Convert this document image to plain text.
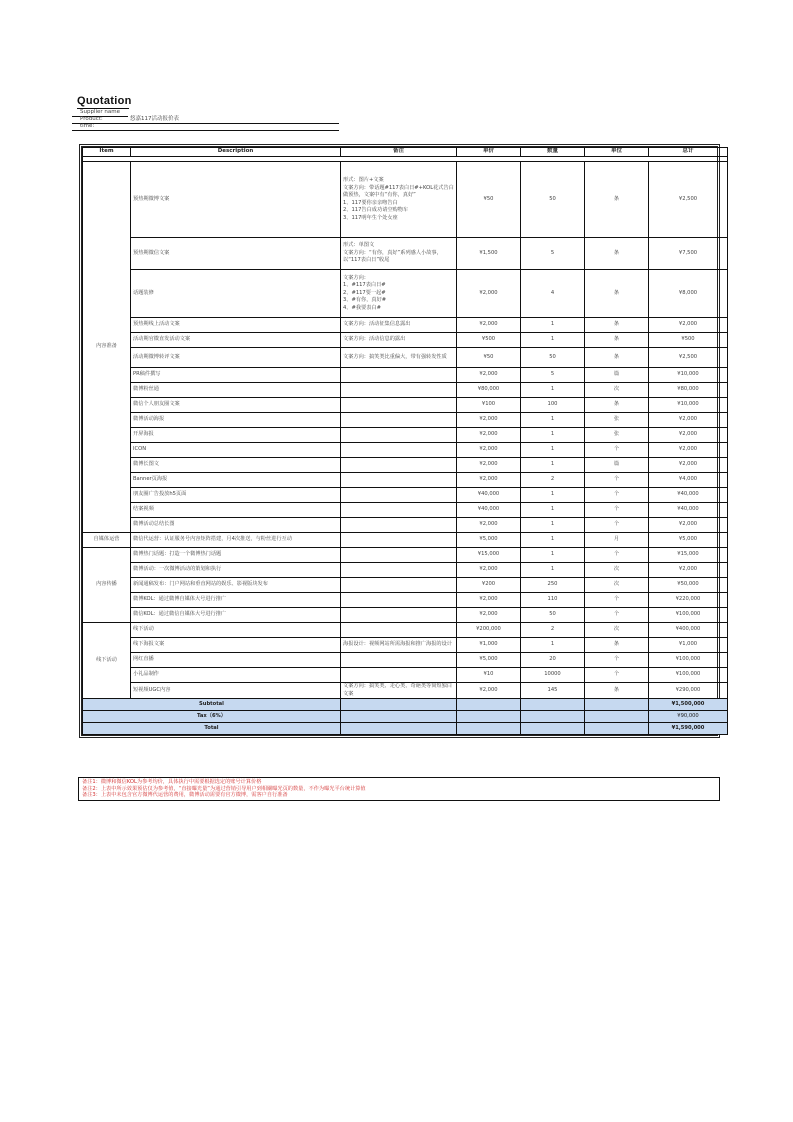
Quotation
Supplier name
Product:	悠嘉117活动报价表
time:
Item	Description	备注	单价	数量	单位	总计

内容准备	预热期微博文案	形式：图片+文案
文案方向：带话题#117表白日#+KOL花式告白做预热，文案中有“有你，真好”
1、117要你亲亲吻告白
2、117告白成功请空购物车
3、117明年生个处女座	¥50	50	条	¥2,500
	预热期微信文案	形式：单图文
文案方向：“有你，真好”系列感人小故事，以“117表白日”收尾	¥1,500	5	条	¥7,500
	话题装修	文案方向：
1、#117表白日#
2、#117要一起#
3、#有你，真好#
4、#我要表白#	¥2,000	4	条	¥8,000
	预热期线上活动文案	文案方向：活动征集信息露出	¥2,000	1	条	¥2,000
	活动期官微直发活动文案	文案方向：活动信息的露出	¥500	1	条	¥500
	活动期微博转评文案	文案方向：搞笑类比重偏大，带有强转发性质	¥50	50	条	¥2,500
	PR稿件撰写		¥2,000	5	篇	¥10,000
	微博粉丝通		¥80,000	1	次	¥80,000
	微信个人朋友圈文案		¥100	100	条	¥10,000
	微博活动海报		¥2,000	1	张	¥2,000
	开屏海报		¥2,000	1	张	¥2,000
	ICON		¥2,000	1	个	¥2,000
	微博长图文		¥2,000	1	篇	¥2,000
	Banner页海报		¥2,000	2	个	¥4,000
	朋友圈广告投放h5页面		¥40,000	1	个	¥40,000
	结案视频		¥40,000	1	个	¥40,000
	微博活动总结长图		¥2,000	1	个	¥2,000
自媒体运营	微信代运营：认证服务号内容矩阵搭建，月4次推送，与粉丝进行互动		¥5,000	1	月	¥5,000
内容传播	微博热门话题：打造一个微博热门话题		¥15,000	1	个	¥15,000
	微博活动：一次微博活动的策划和执行		¥2,000	1	次	¥2,000
	新闻通稿发布：门户网站和垂直网站的娱乐、影视版块发布		¥200	250	次	¥50,000
	微博KOL：通过微博自媒体大号进行推广		¥2,000	110	个	¥220,000
	微信KOL：通过微信自媒体大号进行推广		¥2,000	50	个	¥100,000
线下活动	线下活动		¥200,000	2	次	¥400,000
	线下海报文案	海报设计：视频网站所需海报和推广海报的设计	¥1,000	1	条	¥1,000
	网红直播		¥5,000	20	个	¥100,000
	小礼品制作		¥10	10000	个	¥100,000
	短视频UGC内容	文案方向：搞笑类、走心类、奇葩类等简短独白文案	¥2,000	145	条	¥290,000
Subtotal						¥1,500,000
Tax（6%）						¥90,000
Total						¥1,590,000
备注1：微博和微信KOL为参考均价，具体执行中需要根据选定的账号计算价格
备注2：上表中所示效果预估仅为参考值，“直接曝光量”为通过营销引导用户到相關曝光页的数量，不作为曝光平台统计算值
备注3：上表中未包含官方微博代运营的费用，微博活动需要有官方微博，需客户自行准备
